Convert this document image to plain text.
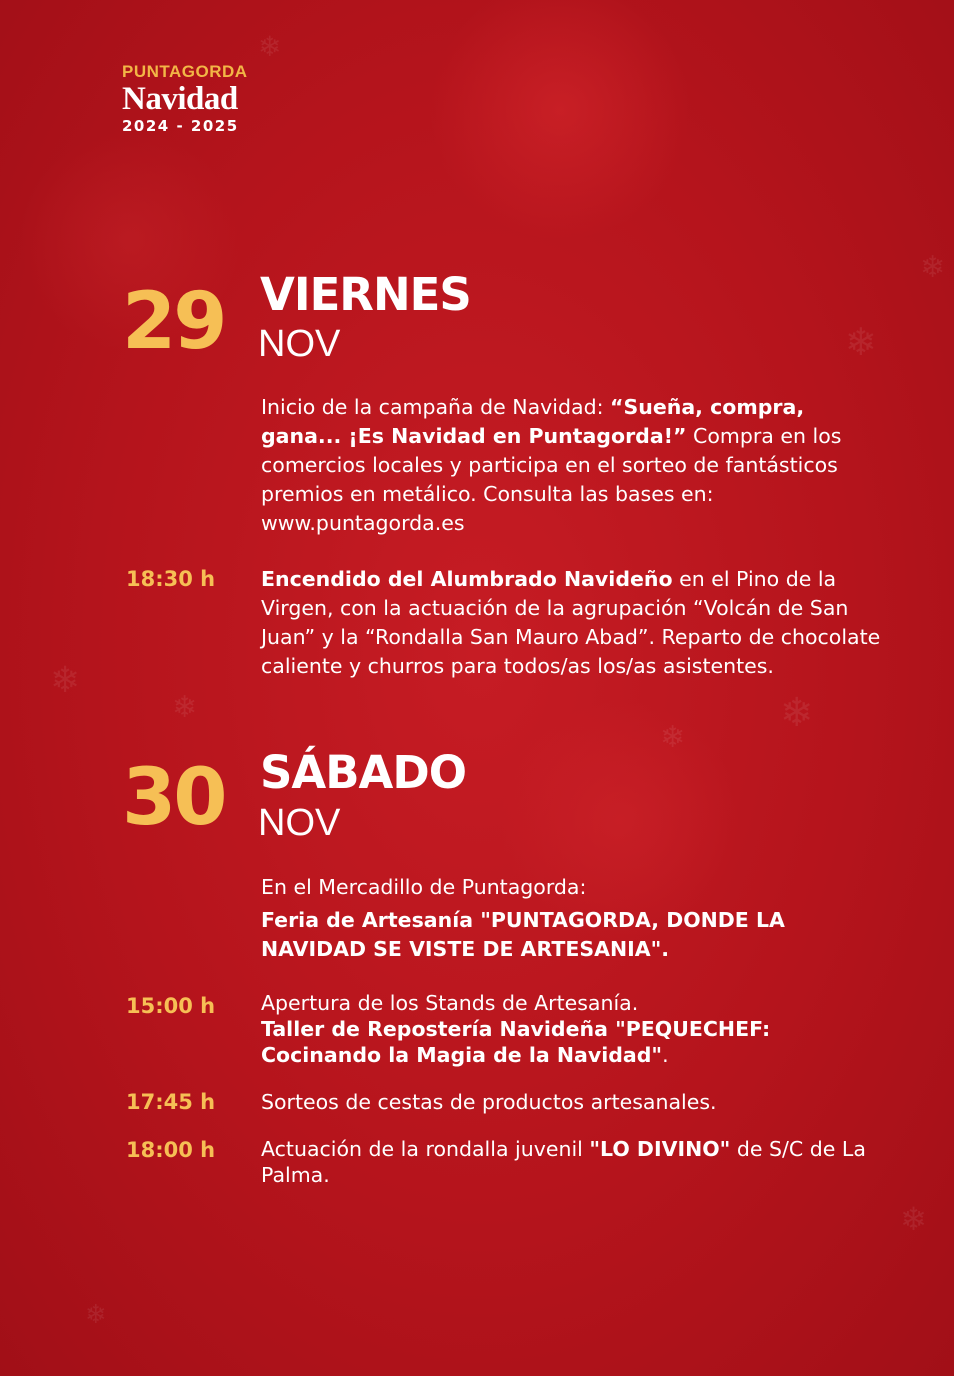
❄
❄
❄
❄
❄	❄
❄
❄
❄
PUNTAGORDA
Navidad
2024 - 2025
29 VIERNES
NOV
Inicio de la campaña de Navidad: “Sueña, compra, gana... ¡Es Navidad en Puntagorda!” Compra en los comercios locales y participa en el sorteo de fantásticos premios en metálico. Consulta las bases en: www.puntagorda.es
18:30 h Encendido del Alumbrado Navideño en el Pino de la Virgen, con la actuación de la agrupación “Volcán de San Juan” y la “Rondalla San Mauro Abad”. Reparto de chocolate caliente y churros para todos/as los/as asistentes.
30 SÁBADO
NOV
En el Mercadillo de Puntagorda:
Feria de Artesanía "PUNTAGORDA, DONDE LA NAVIDAD SE VISTE DE ARTESANIA".
15:00 h Apertura de los Stands de Artesanía.
Taller de Repostería Navideña "PEQUECHEF: Cocinando la Magia de la Navidad".
17:45 h Sorteos de cestas de productos artesanales.
18:00 h Actuación de la rondalla juvenil "LO DIVINO" de S/C de La Palma.
